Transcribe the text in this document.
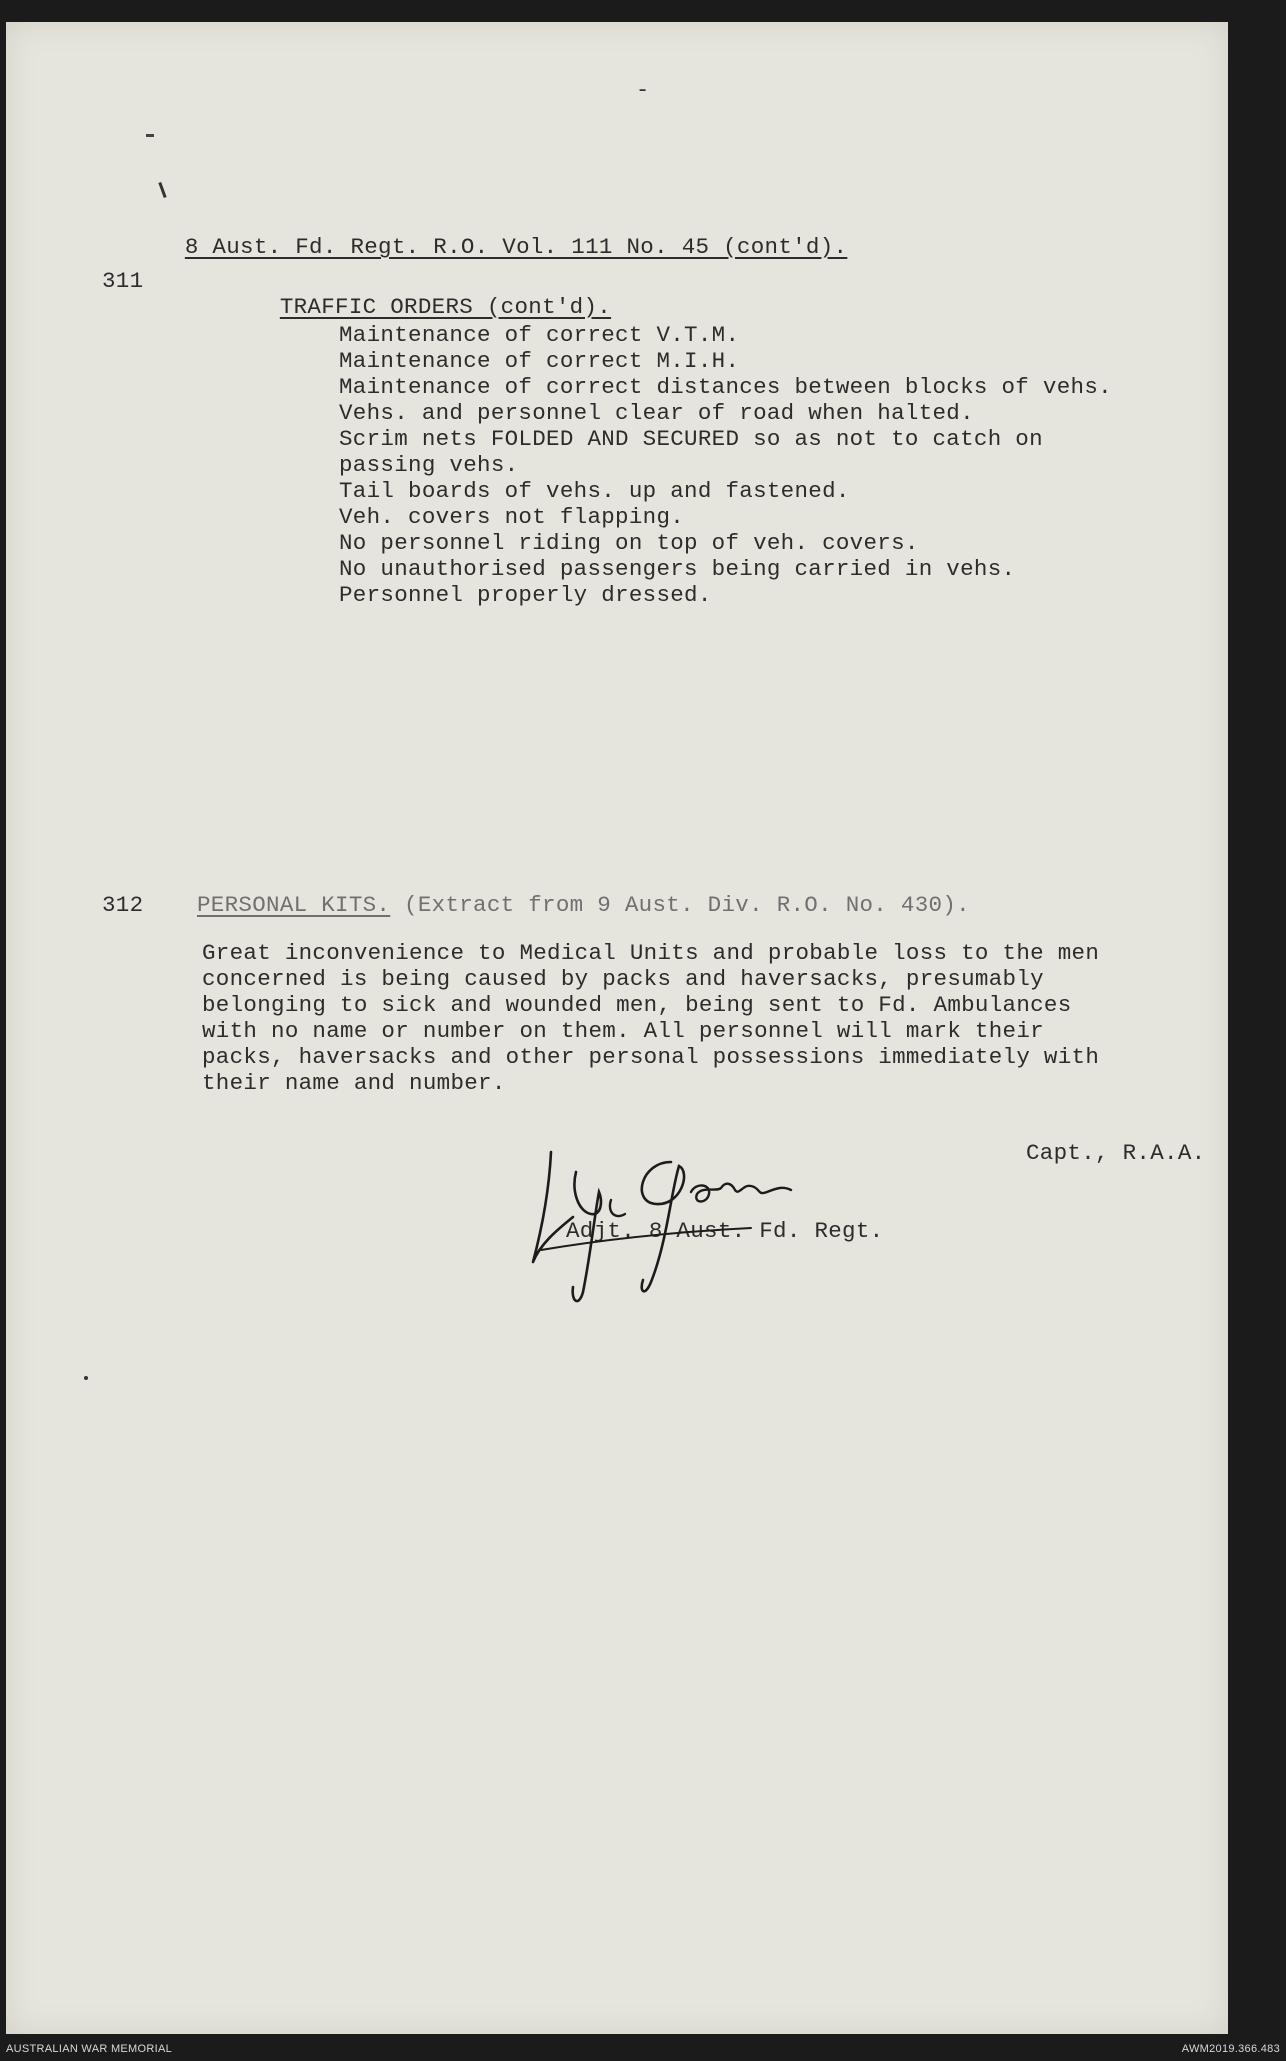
-

8 Aust. Fd. Regt. R.O. Vol. 111 No. 45 (cont'd).

311

TRAFFIC ORDERS (cont'd).

Maintenance of correct V.T.M.
Maintenance of correct M.I.H.
Maintenance of correct distances between blocks of vehs.
Vehs. and personnel clear of road when halted.
Scrim nets FOLDED AND SECURED so as not to catch on
passing vehs.
Tail boards of vehs. up and fastened.
Veh. covers not flapping.
No personnel riding on top of veh. covers.
No unauthorised passengers being carried in vehs.
Personnel properly dressed.
312 PERSONAL KITS. (Extract from 9 Aust. Div. R.O. No. 430).
Great inconvenience to Medical Units and probable loss to the men
concerned is being caused by packs and haversacks, presumably
belonging to sick and wounded men, being sent to Fd. Ambulances
with no name or number on them. All personnel will mark their
packs, haversacks and other personal possessions immediately with
their name and number.
Capt., R.A.A.
Adjt. 8 Aust. Fd. Regt.
AUSTRALIAN WAR MEMORIAL	AWM2019.366.483
